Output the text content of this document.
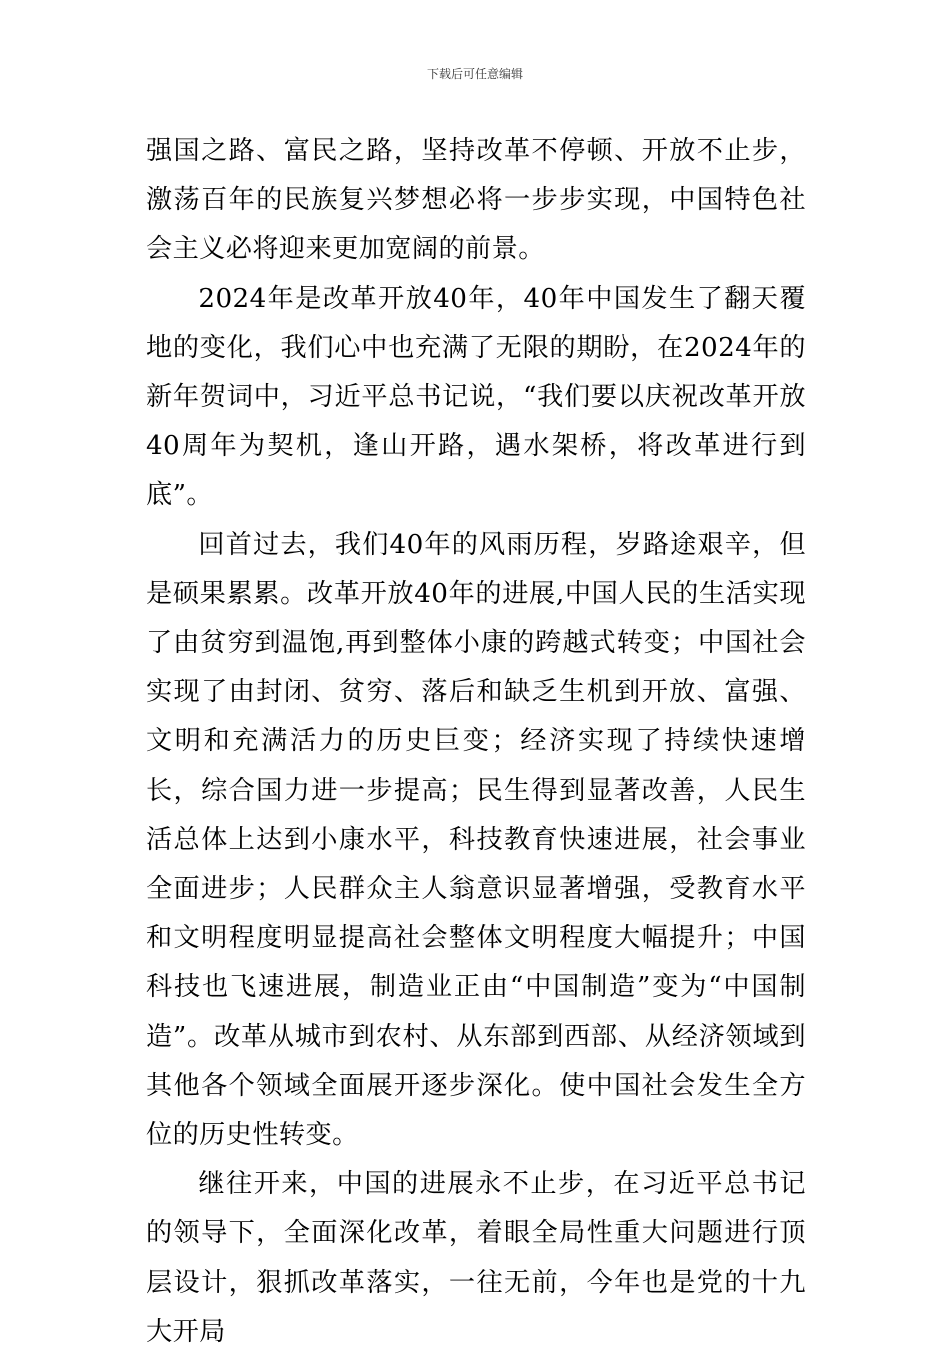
下载后可任意编辑

强国之路、富民之路，坚持改革不停顿、开放不止步，激荡百年的民族复兴梦想必将一步步实现，中国特色社会主义必将迎来更加宽阔的前景。

2024年是改革开放40年，40年中国发生了翻天覆地的变化，我们心中也充满了无限的期盼，在2024年的新年贺词中，习近平总书记说，“我们要以庆祝改革开放40周年为契机，逢山开路，遇水架桥，将改革进行到底”。

回首过去，我们40年的风雨历程，岁路途艰辛，但是硕果累累。改革开放40年的进展,中国人民的生活实现了由贫穷到温饱,再到整体小康的跨越式转变；中国社会实现了由封闭、贫穷、落后和缺乏生机到开放、富强、文明和充满活力的历史巨变；经济实现了持续快速增长，综合国力进一步提高；民生得到显著改善，人民生活总体上达到小康水平，科技教育快速进展，社会事业全面进步；人民群众主人翁意识显著增强，受教育水平和文明程度明显提高社会整体文明程度大幅提升；中国科技也飞速进展，制造业正由“中国制造”变为“中国制造”。改革从城市到农村、从东部到西部、从经济领域到其他各个领域全面展开逐步深化。使中国社会发生全方位的历史性转变。

继往开来，中国的进展永不止步，在习近平总书记的领导下，全面深化改革，着眼全局性重大问题进行顶层设计，狠抓改革落实，一往无前，今年也是党的十九大开局
